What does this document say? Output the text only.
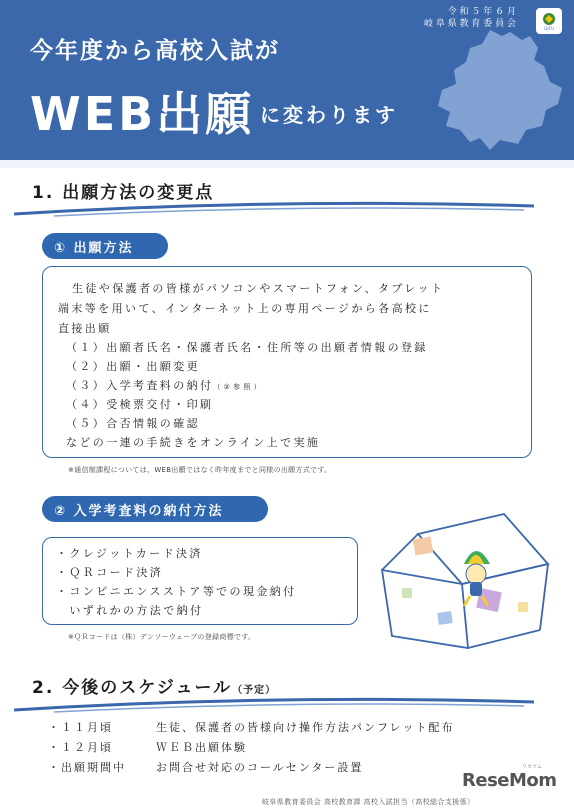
令 和 ５ 年 ６ 月
岐 阜 県 教 育 委 員 会	GIFU
今年度から高校入試が
WEB出願 に変わります
1. 出願方法の変更点
① 出願方法
生徒や保護者の皆様がパソコンやスマートフォン、タブレット
端末等を用いて、インターネット上の専用ページから各高校に
直接出願
（１）出願者氏名・保護者氏名・住所等の出願者情報の登録
（２）出願・出願変更
（３）入学考査料の納付（ ② 参 照 ）
（４）受検票交付・印刷
（５）合否情報の確認
などの一連の手続きをオンライン上で実施
※通信制課程については、WEB出願ではなく昨年度までと同様の出願方式です。
② 入学考査料の納付方法
・クレジットカード決済
・ＱＲコード決済
・コンビニエンスストア等での現金納付
　いずれかの方法で納付
※ＱＲコードは（株）デンソーウェーブの登録商標です。
2. 今後のスケジュール（予定）
・１１月頃	生徒、保護者の皆様向け操作方法パンフレット配布
・１２月頃	ＷＥＢ出願体験
・出願期間中	お問合せ対応のコールセンター設置	リセマム
ReseMom
岐阜県教育委員会 高校教育課 高校入試担当（高校総合支援係）
